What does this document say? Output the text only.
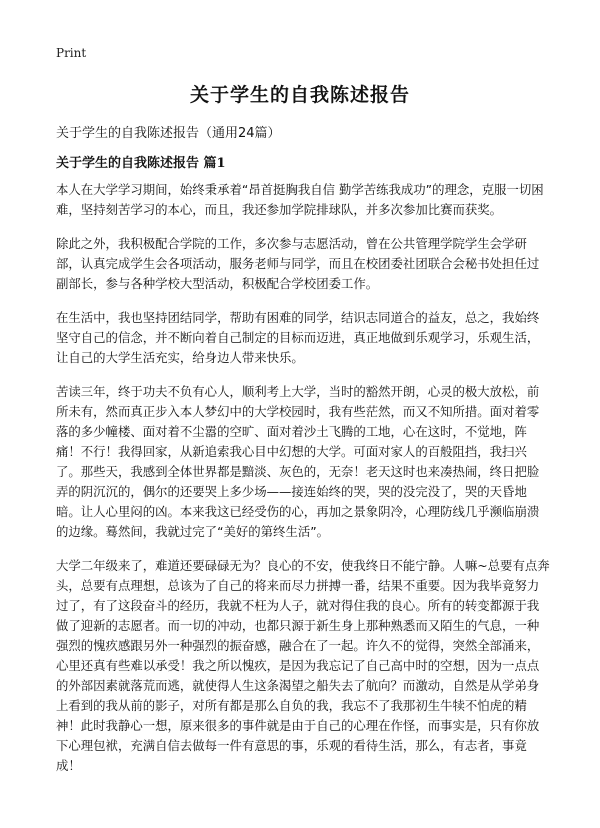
Print
关于学生的自我陈述报告
关于学生的自我陈述报告（通用24篇）
关于学生的自我陈述报告 篇1

本人在大学学习期间，始终秉承着“昂首挺胸我自信 勤学苦练我成功”的理念，克服一切困难，坚持刻苦学习的本心，而且，我还参加学院排球队，并多次参加比赛而获奖。

除此之外，我积极配合学院的工作，多次参与志愿活动，曾在公共管理学院学生会学研部，认真完成学生会各项活动，服务老师与同学，而且在校团委社团联合会秘书处担任过副部长，参与各种学校大型活动，积极配合学校团委工作。

在生活中，我也坚持团结同学，帮助有困难的同学，结识志同道合的益友，总之，我始终坚守自己的信念，并不断向着自己制定的目标而迈进，真正地做到乐观学习，乐观生活，让自己的大学生活充实，给身边人带来快乐。

苦读三年，终于功夫不负有心人，顺利考上大学，当时的豁然开朗，心灵的极大放松，前所未有，然而真正步入本人梦幻中的大学校园时，我有些茫然，而又不知所措。面对着零落的多少幢楼、面对着不尘嚣的空旷、面对着沙土飞腾的工地，心在这时，不觉地，阵痛！不行！我得回家，从新追索我心目中幻想的大学。可面对家人的百般阻挡，我扫兴了。那些天，我感到全体世界都是黯淡、灰色的，无奈！老天这时也来凑热闹，终日把脸弄的阴沉沉的，偶尔的还要哭上多少场——接连始终的哭，哭的没完没了，哭的天昏地暗。让人心里闷的凶。本来我这已经受伤的心，再加之景象阴冷，心理防线几乎濒临崩溃的边缘。蓦然间，我就过完了“美好的第终生活”。

大学二年级来了，难道还要碌碌无为？良心的不安，使我终日不能宁静。人嘛~总要有点奔头，总要有点理想，总该为了自己的将来而尽力拼搏一番，结果不重要。因为我毕竟努力过了，有了这段奋斗的经历，我就不枉为人子，就对得住我的良心。所有的转变都源于我做了迎新的志愿者。而一切的冲动，也都只源于新生身上那种熟悉而又陌生的气息，一种强烈的愧疚感跟另外一种强烈的振奋感，融合在了一起。许久不的觉得，突然全部涌来，心里还真有些难以承受！我之所以愧疚，是因为我忘记了自己高中时的空想，因为一点点的外部因素就落荒而逃，就使得人生这条渴望之船失去了航向？而激动，自然是从学弟身上看到的我从前的影子，对所有都是那么自负的我，我忘不了我那初生牛犊不怕虎的精神！此时我静心一想，原来很多的事件就是由于自己的心理在作怪，而事实是，只有你放下心理包袱，充满自信去做每一件有意思的事，乐观的看待生活，那么，有志者，事竟成！
